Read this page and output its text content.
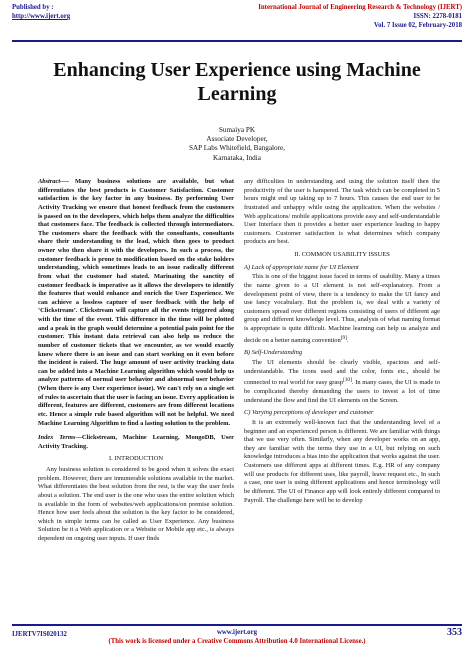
Published by :
http://www.ijert.org
International Journal of Engineering Research & Technology (IJERT)
ISSN: 2278-0181
Vol. 7 Issue 02, February-2018
Enhancing User Experience using Machine Learning
Sumaiya PK
Associate Developer,
SAP Labs Whitefield, Bangalore,
Karnataka, India

Abstract—- Many business solutions are available, but what differentiates the best products is Customer Satisfaction. Customer satisfaction is the key factor in any business. By performing User Activity Tracking we ensure that honest feedback from the customers is passed on to the developers, which helps them analyze the difficulties that customers face. The feedback is collected through intermediators. The customers share the feedback with the consultants, consultants share their understanding to the lead, which then goes to product owner who then share it with the developers. In such a process, the customer feedback is prone to modification based on the stake holders understanding, which sometimes leads to an issue radically different from what the customer had stated. Marinating the sanctity of customer feedback is imperative as it allows the developers to identify the features that would enhance and enrich the User Experience. We can achieve a lossless capture of user feedback with the help of ‘Clickstream’. Clickstream will capture all the events triggered along with the time of the event. This difference in the time will be plotted and a peak in the graph would determine a potential pain point for the customer. This instant data retrieval can also help us reduce the number of customer tickets that we encounter, as we would exactly know where there is an issue and can start working on it even before the incident is raised. The huge amount of user activity tracking data can be added into a Machine Learning algorithm which would help us analyze patterns of normal user behavior and abnormal user behavior (When there is any User experience issue). We can't rely on a single set of rules to ascertain that the user is facing an issue. Every application is different, features are different, customers are from different locations etc. Hence a simple rule based algorithm will not be helpful. We need Machine Learning Algorithm to find a lasting solution to the problem.

Index Terms—Clickstream, Machine Learning, MongoDB, User Activity Tracking.

I. INTRODUCTION

Any business solution is considered to be good when it solves the exact problem. However, there are innumerable solutions available in the market. What differentiates the best solution from the rest, is the way the user feels about a solution. The end user is the one who uses the entire solution which is available in the form of websites/web applications/on premise solution. Hence how user feels about the solution is the key factor to be considered, which in simple terms can be called as User Experience. Any business Solution be it a Web application or a Website or Mobile app etc., is always dependent on ongoing user inputs. If user finds

any difficulties in understanding and using the solution itself then the productivity of the user is hampered. The task which can be completed in 5 hours might end up taking up to 7 hours. This causes the end user to be frustrated and unhappy while using the application. When the websites / Web applications/ mobile applications provide easy and self-understandable User Interface then it provides a better user experience leading to happy customers. Customer satisfaction is what determines which company products are best.

II. COMMON USABILITY ISSUES

A) Lack of appropriate name for UI Element

This is one of the biggest issue faced in terms of usability. Many a times the name given to a UI element is not self-explanatory. From a development point of view, there is a tendency to make the UI fancy and use fancy vocabulary. But the problem is, we deal with a variety of customers spread over different regions consisting of users of different age group and different knowledge level. Thus, analysis of what naming format is appropriate is quite difficult. Machine learning can help us analyze and decide on a better naming convention[9].

B) Self-Understanding

The UI elements should be clearly visible, spacious and self-understandable. The icons used and the color, fonts etc., should be connected to real world for easy grasp[10]. In many cases, the UI is made to be complicated thereby demanding the users to invest a lot of time understand the flow and find the UI elements on the Screen.

C) Varying perceptions of developer and customer

It is an extremely well-known fact that the understanding level of a beginner and an experienced person is different. We are familiar with things that we use very often. Similarly, when any developer works on an app, they are familiar with the terms they use in a UI, but relying on such knowledge introduces a bias into the application that works against the user. Customers use different apps at different times. E.g. HR of any company will use products for different uses, like payroll, leave request etc., In such a case, one user is using different applications and hence terminology will be different. The UI of Finance app will look entirely different compared to Payroll. The challenge here will be to develop

IJERTV7IS020132	www.ijert.org
(This work is licensed under a Creative Commons Attribution 4.0 International License.)
353
